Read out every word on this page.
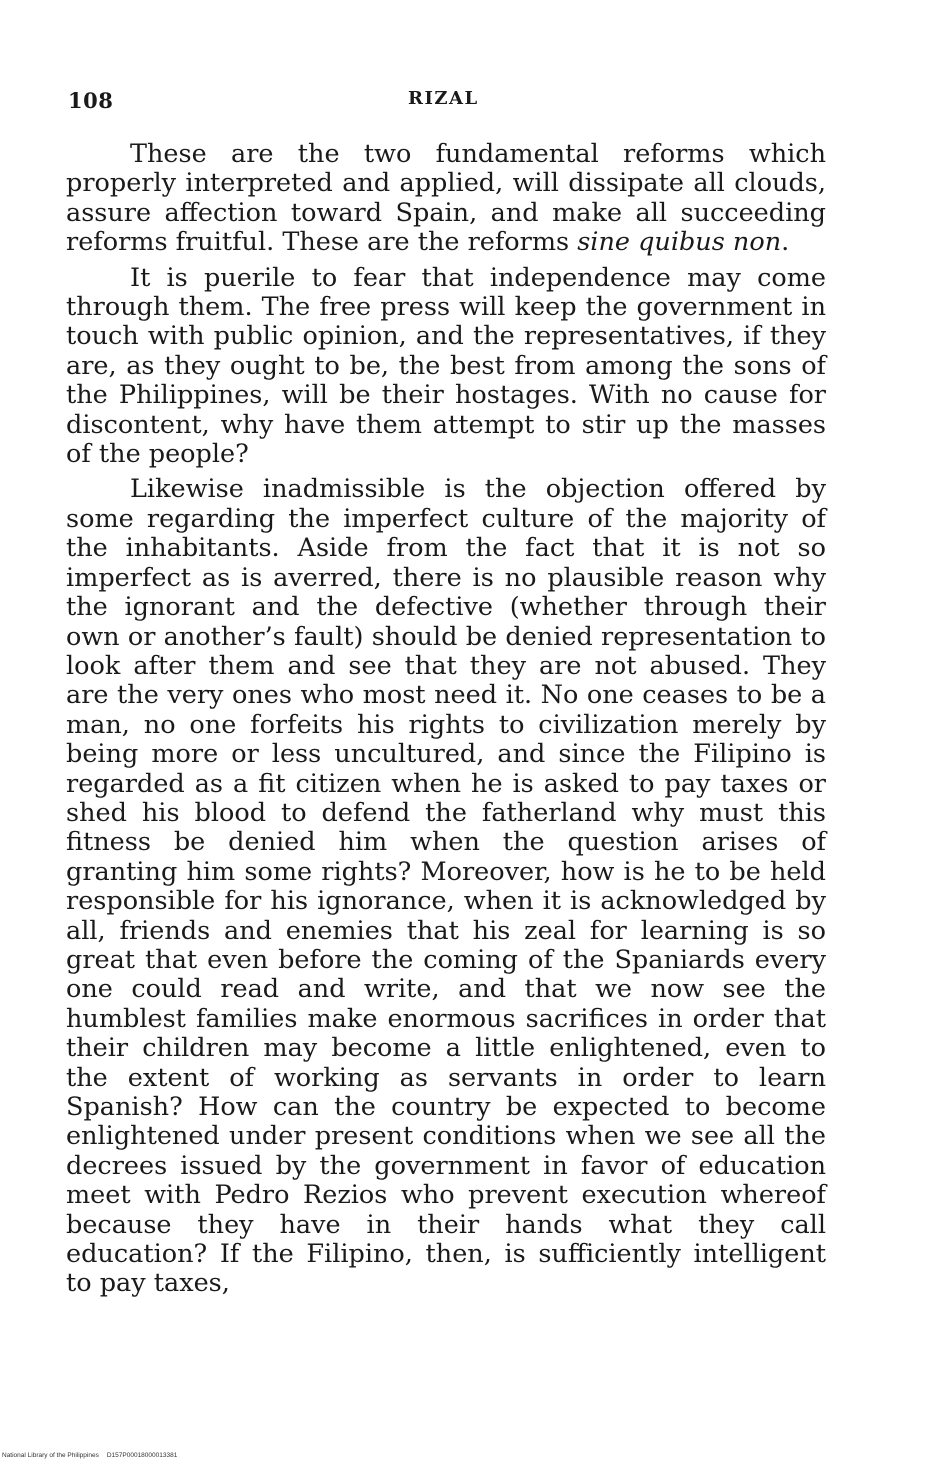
108	RIZAL

These are the two fundamental reforms which properly interpreted and applied, will dissipate all clouds, assure affection toward Spain, and make all succeeding reforms fruitful. These are the reforms sine quibus non.

It is puerile to fear that independence may come through them. The free press will keep the government in touch with public opinion, and the representatives, if they are, as they ought to be, the best from among the sons of the Philippines, will be their hostages. With no cause for discontent, why have them attempt to stir up the masses of the people?

Likewise inadmissible is the objection offered by some regarding the imperfect culture of the majority of the inhabitants. Aside from the fact that it is not so imperfect as is averred, there is no plausible reason why the ignorant and the defective (whether through their own or another’s fault) should be denied representation to look after them and see that they are not abused. They are the very ones who most need it. No one ceases to be a man, no one forfeits his rights to civilization merely by being more or less uncultured, and since the Filipino is regarded as a fit citizen when he is asked to pay taxes or shed his blood to defend the fatherland why must this fitness be denied him when the question arises of granting him some rights? Moreover, how is he to be held responsible for his ignorance, when it is acknowledged by all, friends and enemies that his zeal for learning is so great that even before the coming of the Spaniards every one could read and write, and that we now see the humblest families make enormous sacrifices in order that their children may become a little enlightened, even to the extent of working as servants in order to learn Spanish? How can the country be expected to become enlightened under present conditions when we see all the decrees issued by the government in favor of education meet with Pedro Rezios who prevent execution whereof because they have in their hands what they call education? If the Filipino, then, is sufficiently intelligent to pay taxes,

National Library of the Philippines D157P00018000013381
